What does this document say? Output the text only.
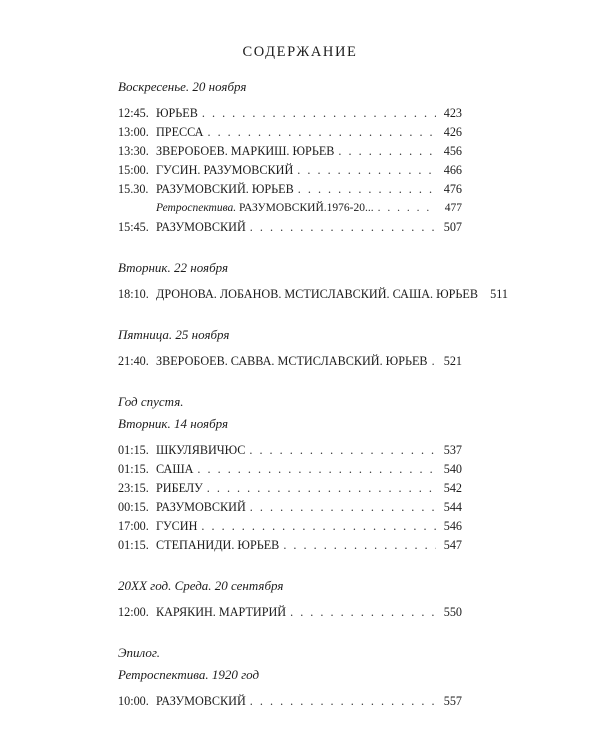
СОДЕРЖАНИЕ
Воскресенье. 20 ноября
12:45. ЮРЬЕВ . . .	423
13:00. ПРЕССА . . .	426
13:30. ЗВЕРОБОЕВ. МАРКИШ. ЮРЬЕВ . . .	456
15:00. ГУСИН. РАЗУМОВСКИЙ . . .	466
15.30. РАЗУМОВСКИЙ. ЮРЬЕВ . . .	476
Ретроспектива. РАЗУМОВСКИЙ.1976-20... . . .	477
15:45. РАЗУМОВСКИЙ . . .	507
Вторник. 22 ноября
18:10. ДРОНОВА. ЛОБАНОВ. МСТИСЛАВСКИЙ. САША. ЮРЬЕВ 511
Пятница. 25 ноября
21:40. ЗВЕРОБОЕВ. САВВА. МСТИСЛАВСКИЙ. ЮРЬЕВ . . .	521
Год спустя.
Вторник. 14 ноября
01:15. ШКУЛЯВИЧЮС . . .	537
01:15. САША . . .	540
23:15. РИБЕЛУ . . .	542
00:15. РАЗУМОВСКИЙ . . .	544
17:00. ГУСИН . . .	546
01:15. СТЕПАНИДИ. ЮРЬЕВ . . .	547
20XX год. Среда. 20 сентября
12:00. КАРЯКИН. МАРТИРИЙ . . .	550
Эпилог.
Ретроспектива. 1920 год
10:00. РАЗУМОВСКИЙ . . .	557
